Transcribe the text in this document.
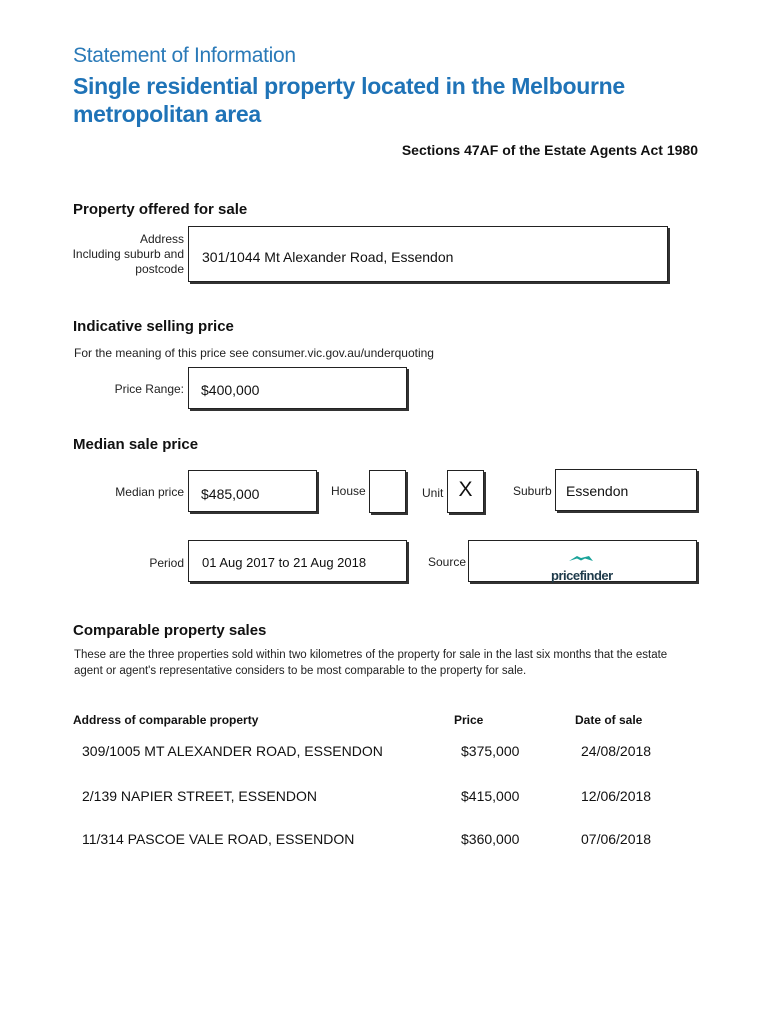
Statement of Information
Single residential property located in the Melbourne metropolitan area
Sections 47AF of the Estate Agents Act 1980
Property offered for sale
Address
Including suburb and
postcode
301/1044 Mt Alexander Road, Essendon
Indicative selling price
For the meaning of this price see consumer.vic.gov.au/underquoting
Price Range: $400,000
Median sale price
Median price $485,000	House	Unit X	Suburb Essendon
Period 01 Aug 2017 to 21 Aug 2018	Source
pricefinder
Comparable property sales
These are the three properties sold within two kilometres of the property for sale in the last six months that the estate agent or agent's representative considers to be most comparable to the property for sale.
Address of comparable property	Price	Date of sale
309/1005 MT ALEXANDER ROAD, ESSENDON	$375,000	24/08/2018
2/139 NAPIER STREET, ESSENDON	$415,000	12/06/2018
11/314 PASCOE VALE ROAD, ESSENDON	$360,000	07/06/2018
